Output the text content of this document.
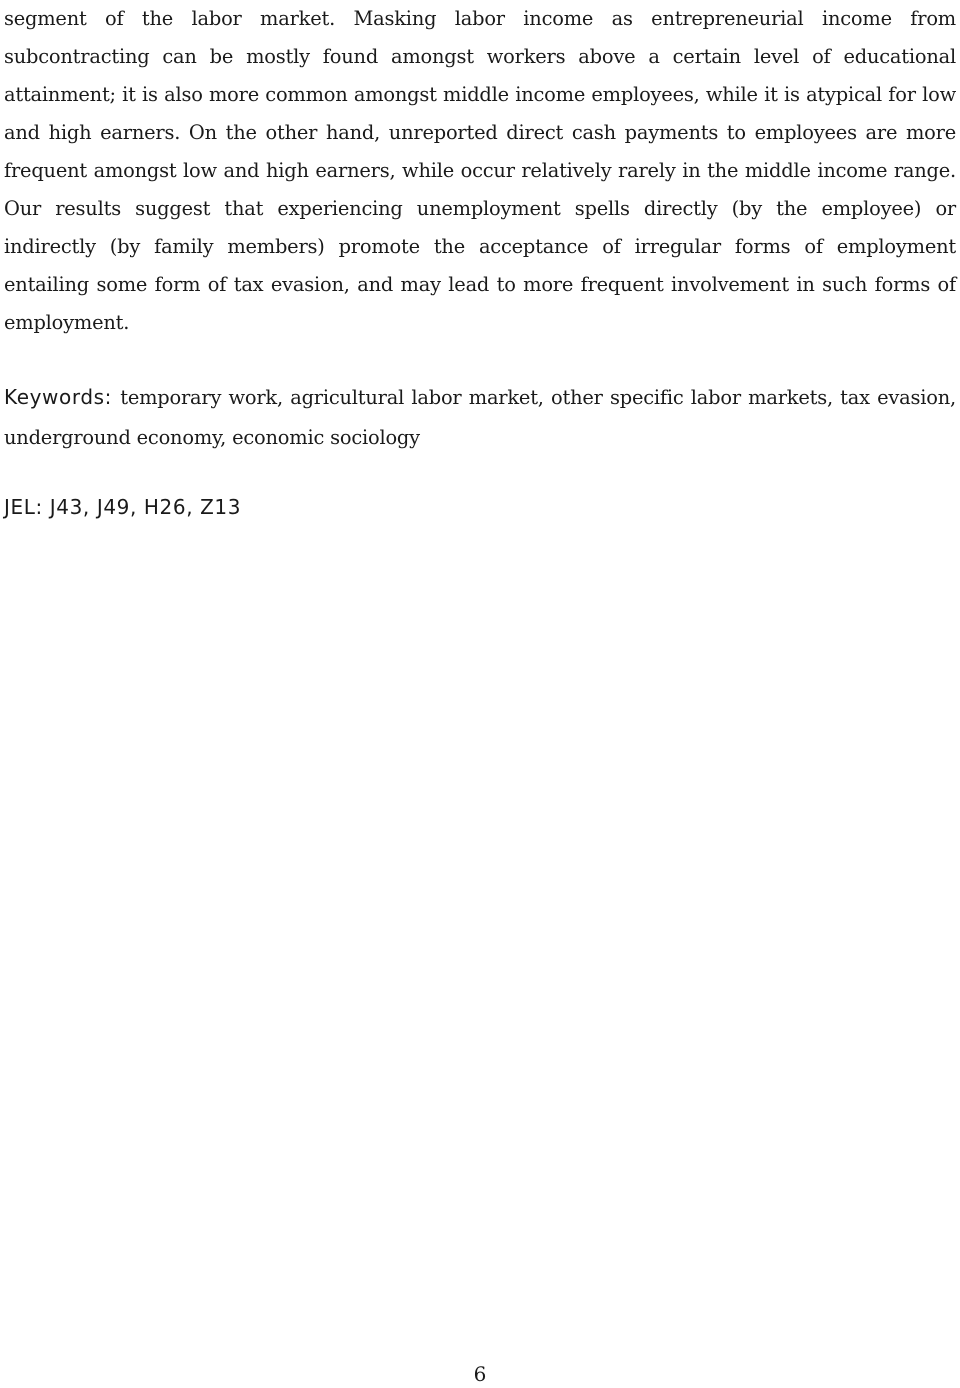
segment of the labor market. Masking labor income as entrepreneurial income from subcontracting can be mostly found amongst workers above a certain level of educational attainment; it is also more common amongst middle income employees, while it is atypical for low and high earners. On the other hand, unreported direct cash payments to employees are more frequent amongst low and high earners, while occur relatively rarely in the middle income range. Our results suggest that experiencing unemployment spells directly (by the employee) or indirectly (by family members) promote the acceptance of irregular forms of employment entailing some form of tax evasion, and may lead to more frequent involvement in such forms of employment.

Keywords: temporary work, agricultural labor market, other specific labor markets, tax evasion, underground economy, economic sociology
JEL: J43, J49, H26, Z13
6
